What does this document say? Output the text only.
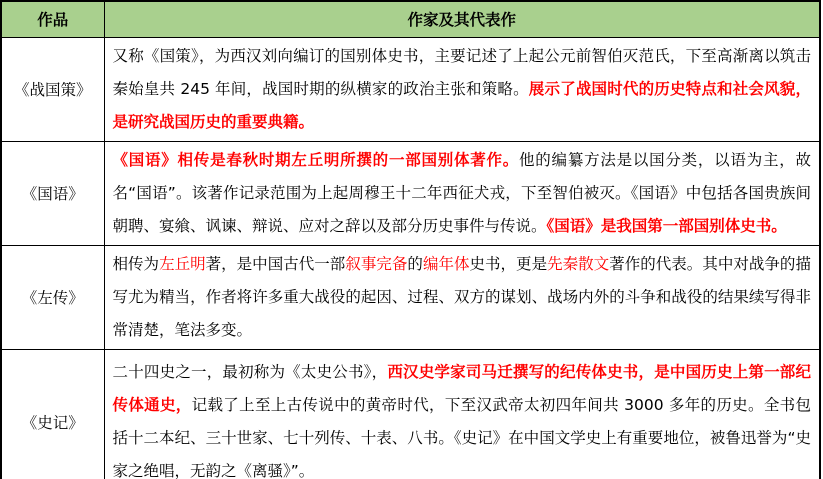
作品	作家及其代表作
《战国策》	又称《国策》，为西汉刘向编订的国别体史书，主要记述了上起公元前智伯灭范氏，下至高渐离以筑击秦始皇共 245 年间，战国时期的纵横家的政治主张和策略。展示了战国时代的历史特点和社会风貌，是研究战国历史的重要典籍。
《国语》	《国语》相传是春秋时期左丘明所撰的一部国别体著作。他的编纂方法是以国分类，以语为主，故名“国语”。该著作记录范围为上起周穆王十二年西征犬戎，下至智伯被灭。《国语》中包括各国贵族间朝聘、宴飨、讽谏、辩说、应对之辞以及部分历史事件与传说。《国语》是我国第一部国别体史书。
《左传》	相传为左丘明著，是中国古代一部叙事完备的编年体史书，更是先秦散文著作的代表。其中对战争的描写尤为精当，作者将许多重大战役的起因、过程、双方的谋划、战场内外的斗争和战役的结果续写得非常清楚，笔法多变。
《史记》	二十四史之一，最初称为《太史公书》，西汉史学家司马迁撰写的纪传体史书，是中国历史上第一部纪传体通史，记载了上至上古传说中的黄帝时代，下至汉武帝太初四年间共 3000 多年的历史。全书包括十二本纪、三十世家、七十列传、十表、八书。《史记》在中国文学史上有重要地位，被鲁迅誉为“史家之绝唱，无韵之《离骚》”。
